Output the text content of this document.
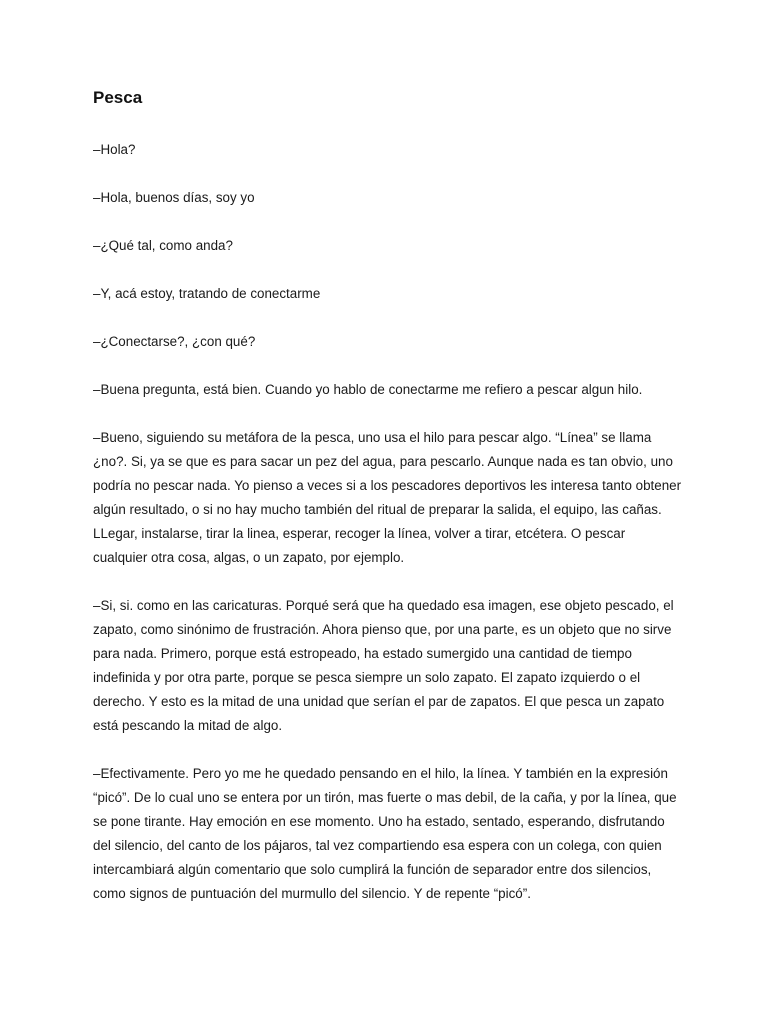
Pesca

–Hola?

–Hola, buenos días, soy yo

–¿Qué tal, como anda?

–Y, acá estoy, tratando de conectarme

–¿Conectarse?, ¿con qué?

–Buena pregunta, está bien. Cuando yo hablo de conectarme me refiero a pescar algun hilo.

–Bueno, siguiendo su metáfora de la pesca, uno usa el hilo para pescar algo. “Línea” se llama ¿no?. Si, ya se que es para sacar un pez del agua, para pescarlo. Aunque nada es tan obvio, uno podría no pescar nada. Yo pienso a veces si a los pescadores deportivos les interesa tanto obtener algún resultado, o si no hay mucho también del ritual de preparar la salida, el equipo, las cañas. LLegar, instalarse, tirar la linea, esperar, recoger la línea, volver a tirar, etcétera. O pescar cualquier otra cosa, algas, o un zapato, por ejemplo.

–Si, si. como en las caricaturas. Porqué será que ha quedado esa imagen, ese objeto pescado, el zapato, como sinónimo de frustración. Ahora pienso que, por una parte, es un objeto que no sirve para nada. Primero, porque está estropeado, ha estado sumergido una cantidad de tiempo indefinida y por otra parte, porque se pesca siempre un solo zapato. El zapato izquierdo o el derecho. Y esto es la mitad de una unidad que serían el par de zapatos. El que pesca un zapato está pescando la mitad de algo.

–Efectivamente. Pero yo me he quedado pensando en el hilo, la línea. Y también en la expresión “picó”. De lo cual uno se entera por un tirón, mas fuerte o mas debil, de la caña, y por la línea, que se pone tirante. Hay emoción en ese momento. Uno ha estado, sentado, esperando, disfrutando del silencio, del canto de los pájaros, tal vez compartiendo esa espera con un colega, con quien intercambiará algún comentario que solo cumplirá la función de separador entre dos silencios, como signos de puntuación del murmullo del silencio. Y de repente “picó”.
